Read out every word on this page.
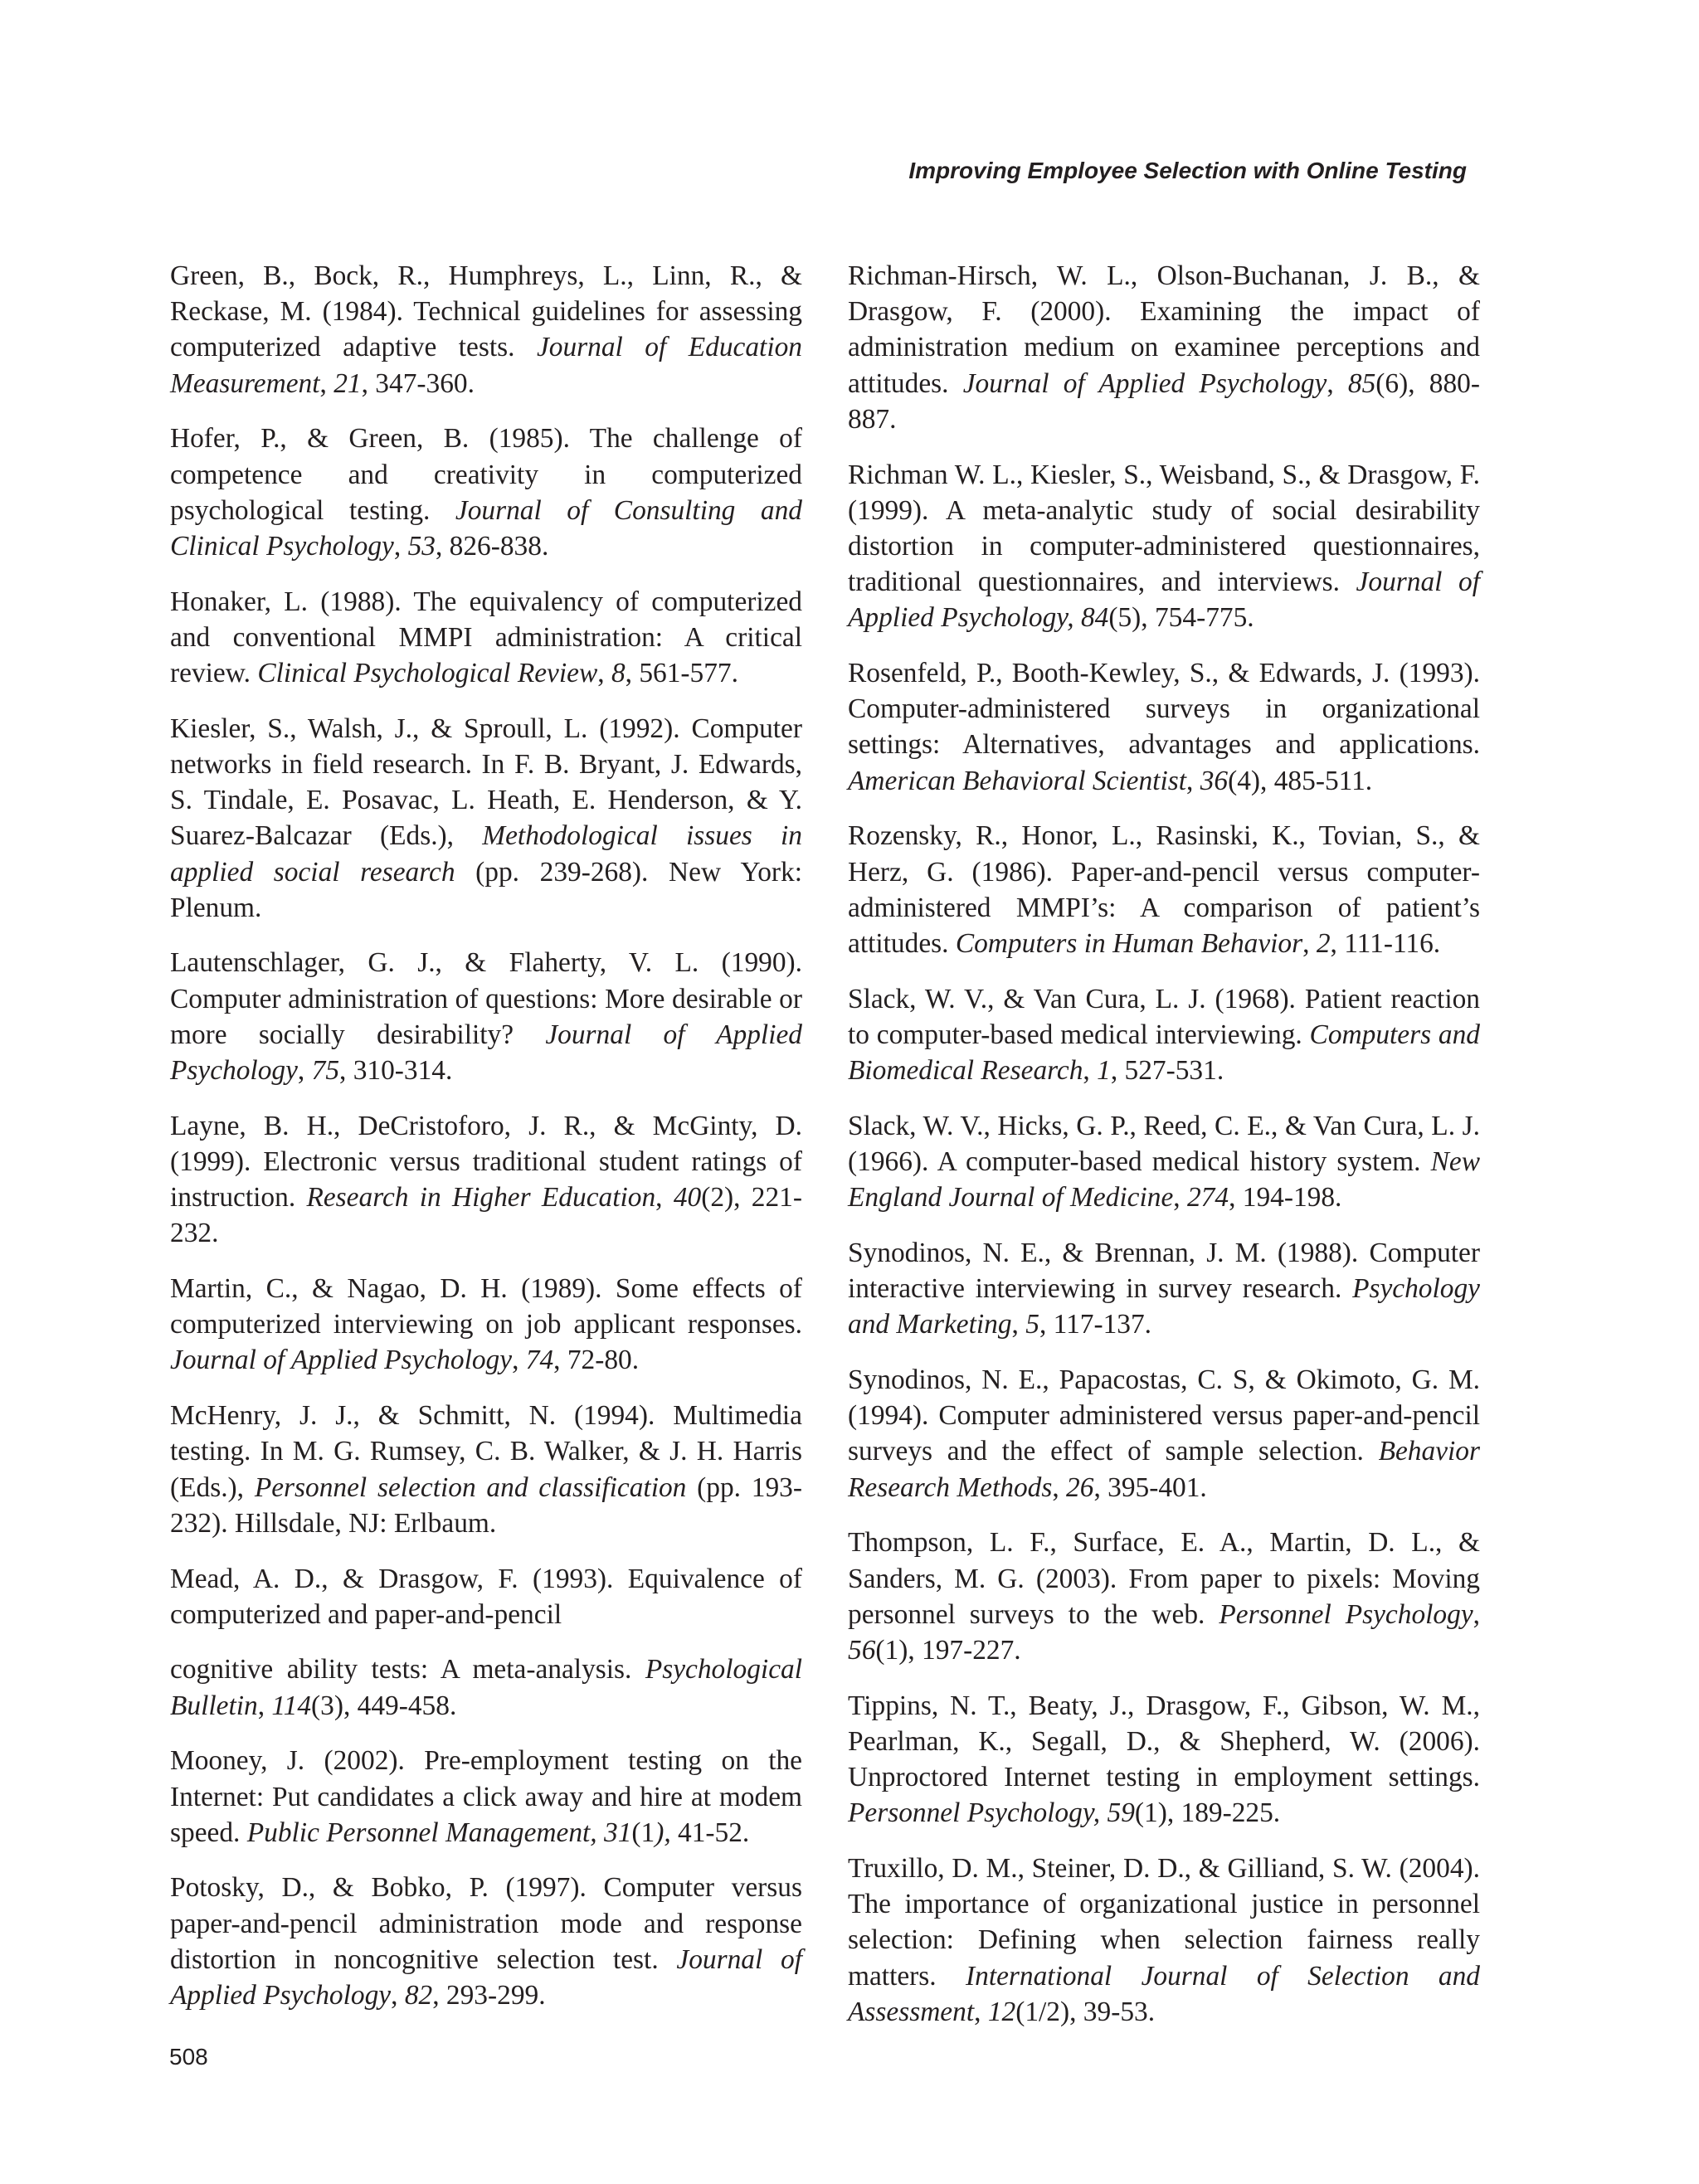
Improving Employee Selection with Online Testing

Green, B., Bock, R., Humphreys, L., Linn, R., & Reckase, M. (1984). Technical guidelines for assessing computerized adaptive tests. Journal of Education Measurement, 21, 347-360.

Hofer, P., & Green, B. (1985). The challenge of competence and creativity in computerized psychological testing. Journal of Consulting and Clinical Psychology, 53, 826-838.

Honaker, L. (1988). The equivalency of computerized and conventional MMPI administration: A critical review. Clinical Psychological Review, 8, 561-577.

Kiesler, S., Walsh, J., & Sproull, L. (1992). Computer networks in field research. In F. B. Bryant, J. Edwards, S. Tindale, E. Posavac, L. Heath, E. Henderson, & Y. Suarez-Balcazar (Eds.), Methodological issues in applied social research (pp. 239-268). New York: Plenum.

Lautenschlager, G. J., & Flaherty, V. L. (1990). Computer administration of questions: More desirable or more socially desirability? Journal of Applied Psychology, 75, 310-314.

Layne, B. H., DeCristoforo, J. R., & McGinty, D. (1999). Electronic versus traditional student ratings of instruction. Research in Higher Education, 40(2), 221-232.

Martin, C., & Nagao, D. H. (1989). Some effects of computerized interviewing on job applicant responses. Journal of Applied Psychology, 74, 72-80.

McHenry, J. J., & Schmitt, N. (1994). Multimedia testing. In M. G. Rumsey, C. B. Walker, & J. H. Harris (Eds.), Personnel selection and classification (pp. 193-232). Hillsdale, NJ: Erlbaum.

Mead, A. D., & Drasgow, F. (1993). Equivalence of computerized and paper-and-pencil

cognitive ability tests: A meta-analysis. Psychological Bulletin, 114(3), 449-458.

Mooney, J. (2002). Pre-employment testing on the Internet: Put candidates a click away and hire at modem speed. Public Personnel Management, 31(1), 41-52.

Potosky, D., & Bobko, P. (1997). Computer versus paper-and-pencil administration mode and response distortion in noncognitive selection test. Journal of Applied Psychology, 82, 293-299.

Richman-Hirsch, W. L., Olson-Buchanan, J. B., & Drasgow, F. (2000). Examining the impact of administration medium on examinee perceptions and attitudes. Journal of Applied Psychology, 85(6), 880-887.

Richman W. L., Kiesler, S., Weisband, S., & Drasgow, F. (1999). A meta-analytic study of social desirability distortion in computer-administered questionnaires, traditional questionnaires, and interviews. Journal of Applied Psychology, 84(5), 754-775.

Rosenfeld, P., Booth-Kewley, S., & Edwards, J. (1993). Computer-administered surveys in organizational settings: Alternatives, advantages and applications. American Behavioral Scientist, 36(4), 485-511.

Rozensky, R., Honor, L., Rasinski, K., Tovian, S., & Herz, G. (1986). Paper-and-pencil versus computer-administered MMPI’s: A comparison of patient’s attitudes. Computers in Human Behavior, 2, 111-116.

Slack, W. V., & Van Cura, L. J. (1968). Patient reaction to computer-based medical interviewing. Computers and Biomedical Research, 1, 527-531.

Slack, W. V., Hicks, G. P., Reed, C. E., & Van Cura, L. J. (1966). A computer-based medical history system. New England Journal of Medicine, 274, 194-198.

Synodinos, N. E., & Brennan, J. M. (1988). Computer interactive interviewing in survey research. Psychology and Marketing, 5, 117-137.

Synodinos, N. E., Papacostas, C. S, & Okimoto, G. M. (1994). Computer administered versus paper-and-pencil surveys and the effect of sample selection. Behavior Research Methods, 26, 395-401.

Thompson, L. F., Surface, E. A., Martin, D. L., & Sanders, M. G. (2003). From paper to pixels: Moving personnel surveys to the web. Personnel Psychology, 56(1), 197-227.

Tippins, N. T., Beaty, J., Drasgow, F., Gibson, W. M., Pearlman, K., Segall, D., & Shepherd, W. (2006). Unproctored Internet testing in employment settings. Personnel Psychology, 59(1), 189-225.

Truxillo, D. M., Steiner, D. D., & Gilliand, S. W. (2004). The importance of organizational justice in personnel selection: Defining when selection fairness really matters. International Journal of Selection and Assessment, 12(1/2), 39-53.

508
